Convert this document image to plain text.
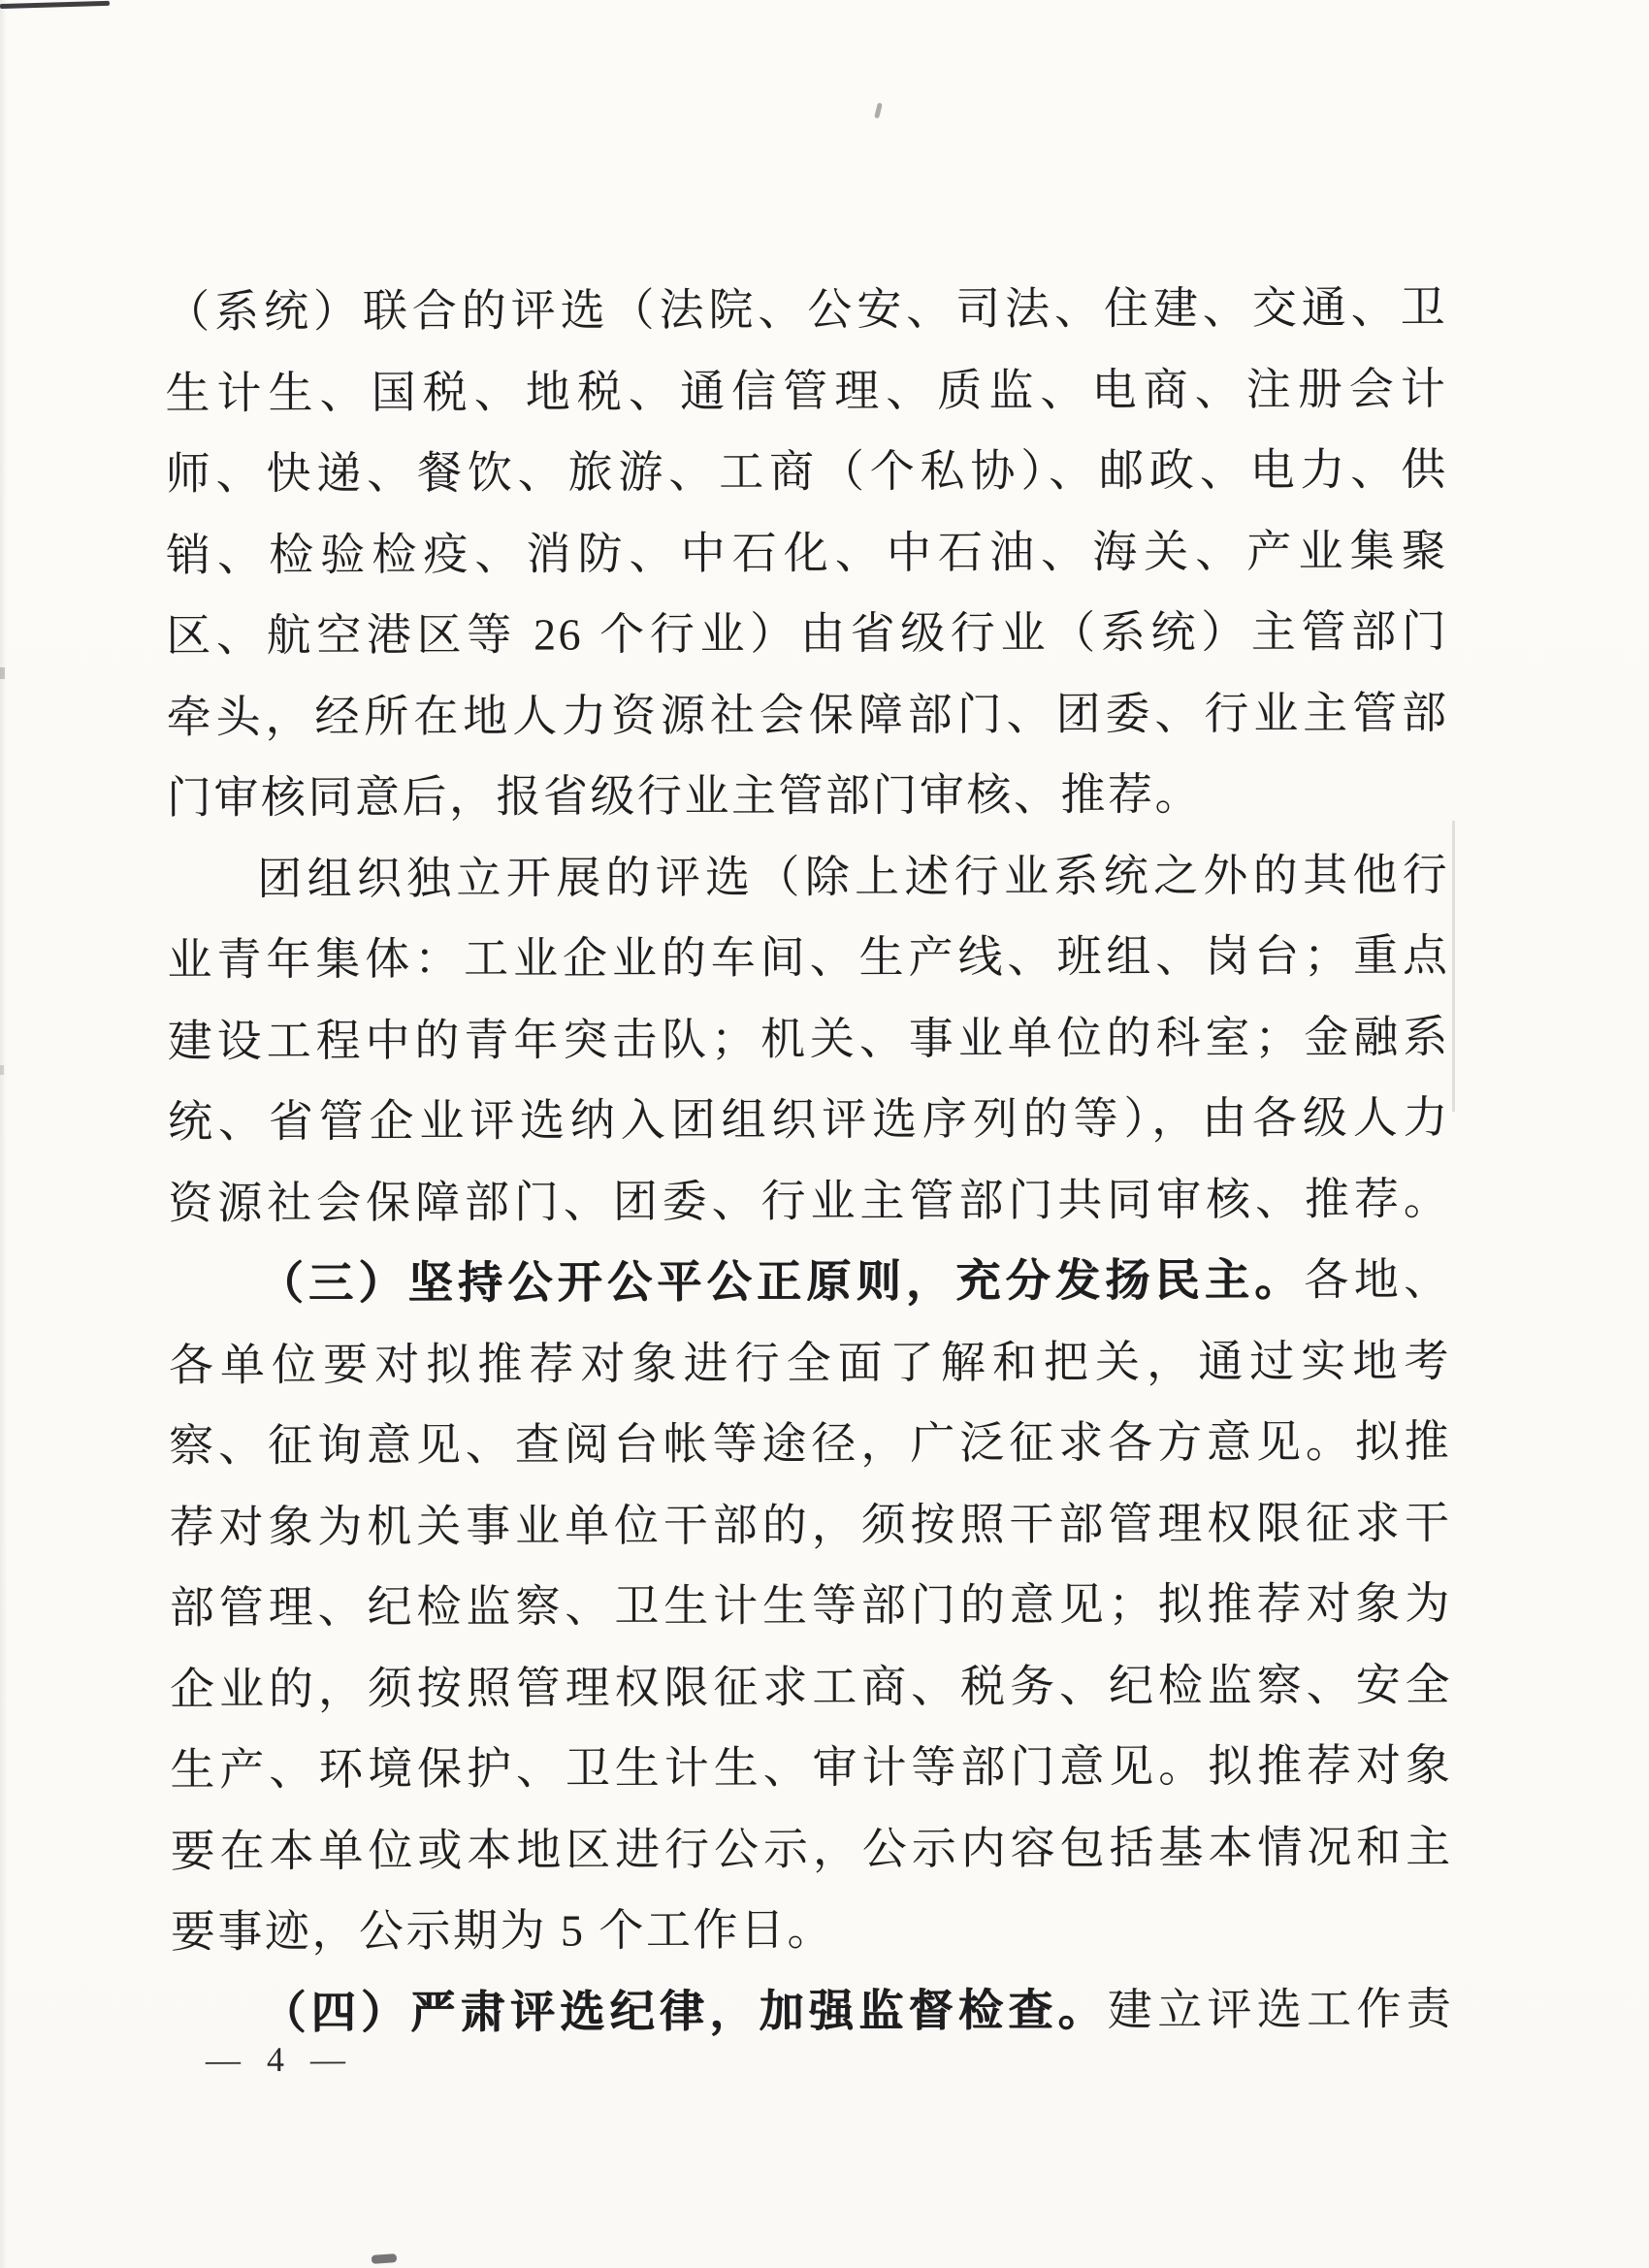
（系统）联合的评选（法院、公安、司法、住建、交通、卫
生计生、国税、地税、通信管理、质监、电商、注册会计
师、快递、餐饮、旅游、工商（个私协）、邮政、电力、供
销、检验检疫、消防、中石化、中石油、海关、产业集聚
区、航空港区等 26 个行业）由省级行业（系统）主管部门
牵头，经所在地人力资源社会保障部门、团委、行业主管部
门审核同意后，报省级行业主管部门审核、推荐。
团组织独立开展的评选（除上述行业系统之外的其他行
业青年集体：工业企业的车间、生产线、班组、岗台；重点
建设工程中的青年突击队；机关、事业单位的科室；金融系
统、省管企业评选纳入团组织评选序列的等），由各级人力
资源社会保障部门、团委、行业主管部门共同审核、推荐。
（三）坚持公开公平公正原则，充分发扬民主。各地、
各单位要对拟推荐对象进行全面了解和把关，通过实地考
察、征询意见、查阅台帐等途径，广泛征求各方意见。拟推
荐对象为机关事业单位干部的，须按照干部管理权限征求干
部管理、纪检监察、卫生计生等部门的意见；拟推荐对象为
企业的，须按照管理权限征求工商、税务、纪检监察、安全
生产、环境保护、卫生计生、审计等部门意见。拟推荐对象
要在本单位或本地区进行公示，公示内容包括基本情况和主
要事迹，公示期为 5 个工作日。
（四）严肃评选纪律，加强监督检查。建立评选工作责
— 4 —
